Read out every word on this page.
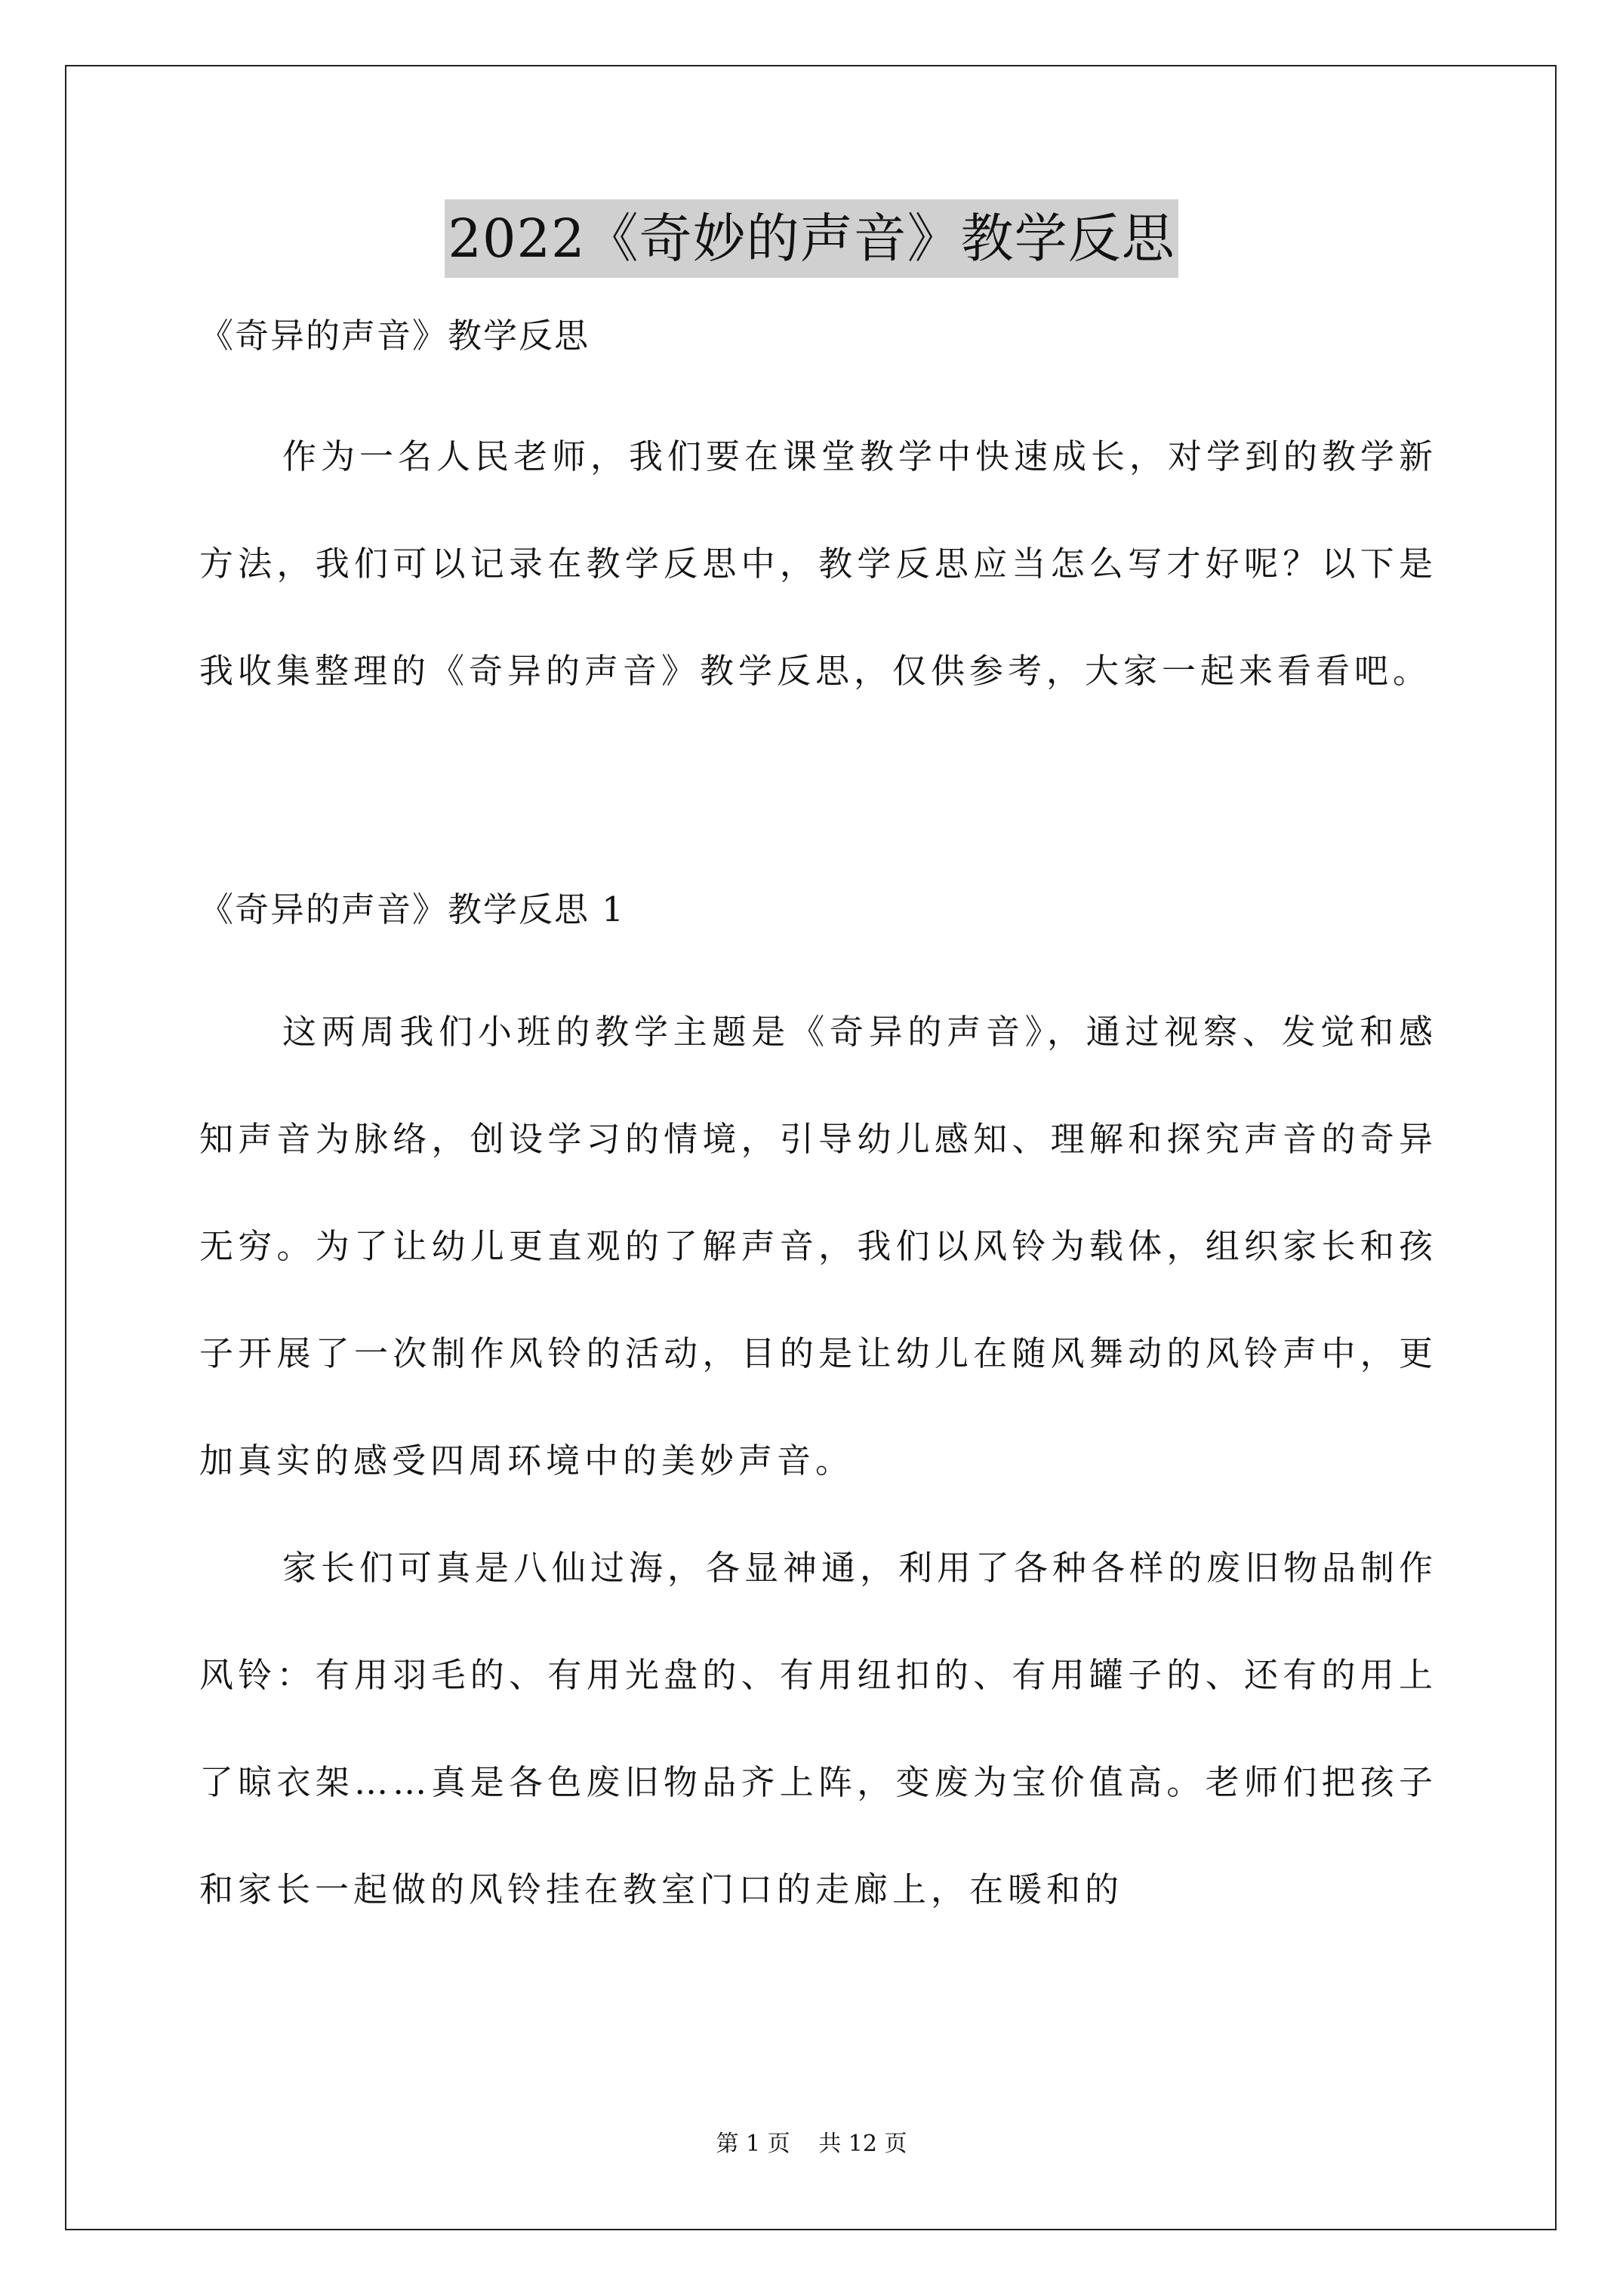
2022《奇妙的声音》教学反思

《奇异的声音》教学反思

作为一名人民老师，我们要在课堂教学中快速成长，对学到的教学新方法，我们可以记录在教学反思中，教学反思应当怎么写才好呢？以下是我收集整理的《奇异的声音》教学反思，仅供参考，大家一起来看看吧。

《奇异的声音》教学反思 1

这两周我们小班的教学主题是《奇异的声音》，通过视察、发觉和感知声音为脉络，创设学习的情境，引导幼儿感知、理解和探究声音的奇异无穷。为了让幼儿更直观的了解声音，我们以风铃为载体，组织家长和孩子开展了一次制作风铃的活动，目的是让幼儿在随风舞动的风铃声中，更加真实的感受四周环境中的美妙声音。

家长们可真是八仙过海，各显神通，利用了各种各样的废旧物品制作风铃：有用羽毛的、有用光盘的、有用纽扣的、有用罐子的、还有的用上了晾衣架……真是各色废旧物品齐上阵，变废为宝价值高。老师们把孩子和家长一起做的风铃挂在教室门口的走廊上，在暖和的

第 1 页 共 12 页
